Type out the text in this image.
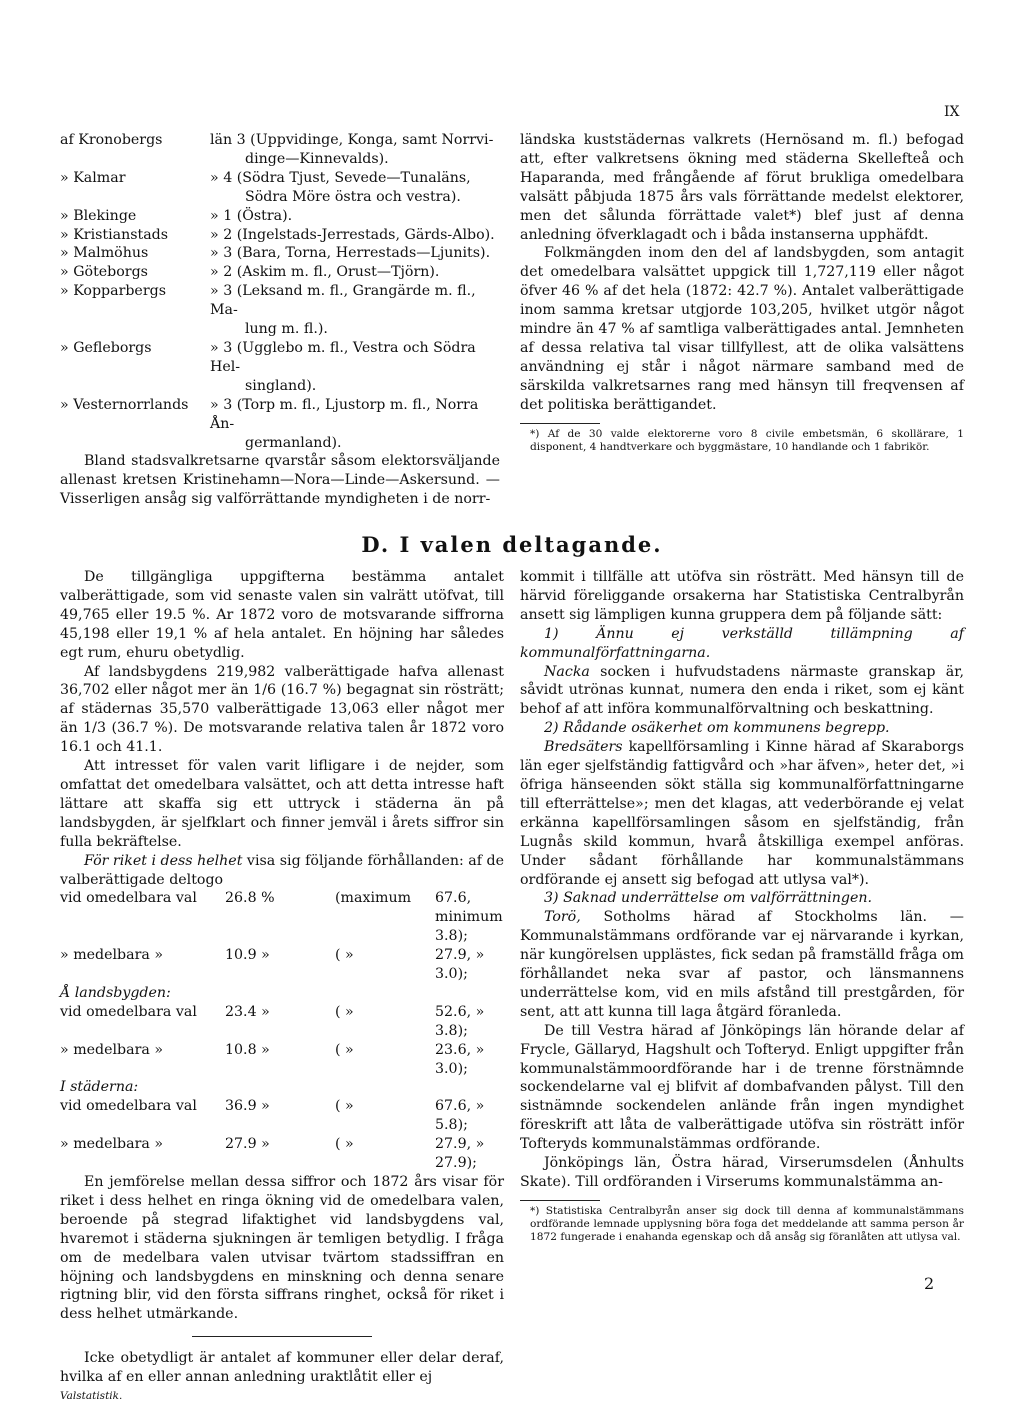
IX
af Kronobergs	län 3 (Uppvidinge, Konga, samt Norrvi-
dinge—Kinnevalds).
» Kalmar	» 4 (Södra Tjust, Sevede—Tunaläns,
Södra Möre östra och vestra).
» Blekinge	» 1 (Östra).
» Kristianstads	» 2 (Ingelstads-Jerrestads, Gärds-Albo).
» Malmöhus	» 3 (Bara, Torna, Herrestads—Ljunits).
» Göteborgs	» 2 (Askim m. fl., Orust—Tjörn).
» Kopparbergs	» 3 (Leksand m. fl., Grangärde m. fl., Ma-
lung m. fl.).
» Gefleborgs	» 3 (Ugglebo m. fl., Vestra och Södra Hel-
singland).
» Vesternorrlands	» 3 (Torp m. fl., Ljustorp m. fl., Norra Ån-
germanland).

Bland stadsvalkretsarne qvarstår såsom elektorsväljande allenast kretsen Kristinehamn—Nora—Linde—Askersund. — Visserligen ansåg sig valförrättande myndigheten i de norr-

ländska kuststädernas valkrets (Hernösand m. fl.) befogad att, efter valkretsens ökning med städerna Skellefteå och Haparanda, med frångående af förut brukliga omedelbara valsätt påbjuda 1875 års vals förrättande medelst elektorer, men det sålunda förrättade valet*) blef just af denna anledning öfverklagadt och i båda instanserna upphäfdt.

Folkmängden inom den del af landsbygden, som antagit det omedelbara valsättet uppgick till 1,727,119 eller något öfver 46 % af det hela (1872: 42.7 %). Antalet valberättigade inom samma kretsar utgjorde 103,205, hvilket utgör något mindre än 47 % af samtliga valberättigades antal. Jemnheten af dessa relativa tal visar tillfyllest, att de olika valsättens användning ej står i något närmare samband med de särskilda valkretsarnes rang med hänsyn till freqvensen af det politiska berättigandet.

*) Af de 30 valde elektorerne voro 8 civile embetsmän, 6 skollärare, 1 disponent, 4 handtverkare och byggmästare, 10 handlande och 1 fabrikör.
D. I valen deltagande.

De tillgängliga uppgifterna bestämma antalet valberättigade, som vid senaste valen sin valrätt utöfvat, till 49,765 eller 19.5 %. Ar 1872 voro de motsvarande siffrorna 45,198 eller 19,1 % af hela antalet. En höjning har således egt rum, ehuru obetydlig.

Af landsbygdens 219,982 valberättigade hafva allenast 36,702 eller något mer än 1/6 (16.7 %) begagnat sin rösträtt; af städernas 35,570 valberättigade 13,063 eller något mer än 1/3 (36.7 %). De motsvarande relativa talen år 1872 voro 16.1 och 41.1.

Att intresset för valen varit lifligare i de nejder, som omfattat det omedelbara valsättet, och att detta intresse haft lättare att skaffa sig ett uttryck i städerna än på landsbygden, är sjelfklart och finner jemväl i årets siffror sin fulla bekräftelse.

För riket i dess helhet visa sig följande förhållanden: af de valberättigade deltogo

vid omedelbara val	26.8 %	(maximum	67.6, minimum 3.8);
» medelbara »	10.9 »	( »	27.9, » 3.0);
Å landsbygden:
vid omedelbara val	23.4 »	( »	52.6, » 3.8);
» medelbara »	10.8 »	( »	23.6, » 3.0);
I städerna:
vid omedelbara val	36.9 »	( »	67.6, » 5.8);
» medelbara »	27.9 »	( »	27.9, » 27.9);

En jemförelse mellan dessa siffror och 1872 års visar för riket i dess helhet en ringa ökning vid de omedelbara valen, beroende på stegrad lifaktighet vid landsbygdens val, hvaremot i städerna sjukningen är temligen betydlig. I fråga om de medelbara valen utvisar tvärtom stadssiffran en höjning och landsbygdens en minskning och denna senare rigtning blir, vid den första siffrans ringhet, också för riket i dess helhet utmärkande.

Icke obetydligt är antalet af kommuner eller delar deraf, hvilka af en eller annan anledning uraktlåtit eller ej

Valstatistik.

kommit i tillfälle att utöfva sin rösträtt. Med hänsyn till de härvid föreliggande orsakerna har Statistiska Centralbyrån ansett sig lämpligen kunna gruppera dem på följande sätt:

1) Ännu ej verkställd tillämpning af kommunalförfattningarna.

Nacka socken i hufvudstadens närmaste granskap är, såvidt utrönas kunnat, numera den enda i riket, som ej känt behof af att införa kommunalförvaltning och beskattning.

2) Rådande osäkerhet om kommunens begrepp.

Bredsäters kapellförsamling i Kinne härad af Skaraborgs län eger sjelfständig fattigvård och »har äfven», heter det, »i öfriga hänseenden sökt ställa sig kommunalförfattningarne till efterrättelse»; men det klagas, att vederbörande ej velat erkänna kapellförsamlingen såsom en sjelfständig, från Lugnås skild kommun, hvarå åtskilliga exempel anföras. Under sådant förhållande har kommunalstämmans ordförande ej ansett sig befogad att utlysa val*).

3) Saknad underrättelse om valförrättningen.

Torö, Sotholms härad af Stockholms län. — Kommunalstämmans ordförande var ej närvarande i kyrkan, när kungörelsen upplästes, fick sedan på framställd fråga om förhållandet neka svar af pastor, och länsmannens underrättelse kom, vid en mils afstånd till prestgården, för sent, att att kunna till laga åtgärd föranleda.

De till Vestra härad af Jönköpings län hörande delar af Frycle, Gällaryd, Hagshult och Tofteryd. Enligt uppgifter från kommunalstämmoordförande har i de trenne förstnämnde sockendelarne val ej blifvit af dombafvanden pålyst. Till den sistnämnde sockendelen anlände från ingen myndighet föreskrift att låta de valberättigade utöfva sin rösträtt inför Tofteryds kommunalstämmas ordförande.

Jönköpings län, Östra härad, Virserumsdelen (Ånhults Skate). Till ordföranden i Virserums kommunalstämma an-

*) Statistiska Centralbyrån anser sig dock till denna af kommunalstämmans ordförande lemnade upplysning böra foga det meddelande att samma person år 1872 fungerade i enahanda egenskap och då ansåg sig föranlåten att utlysa val.
2
